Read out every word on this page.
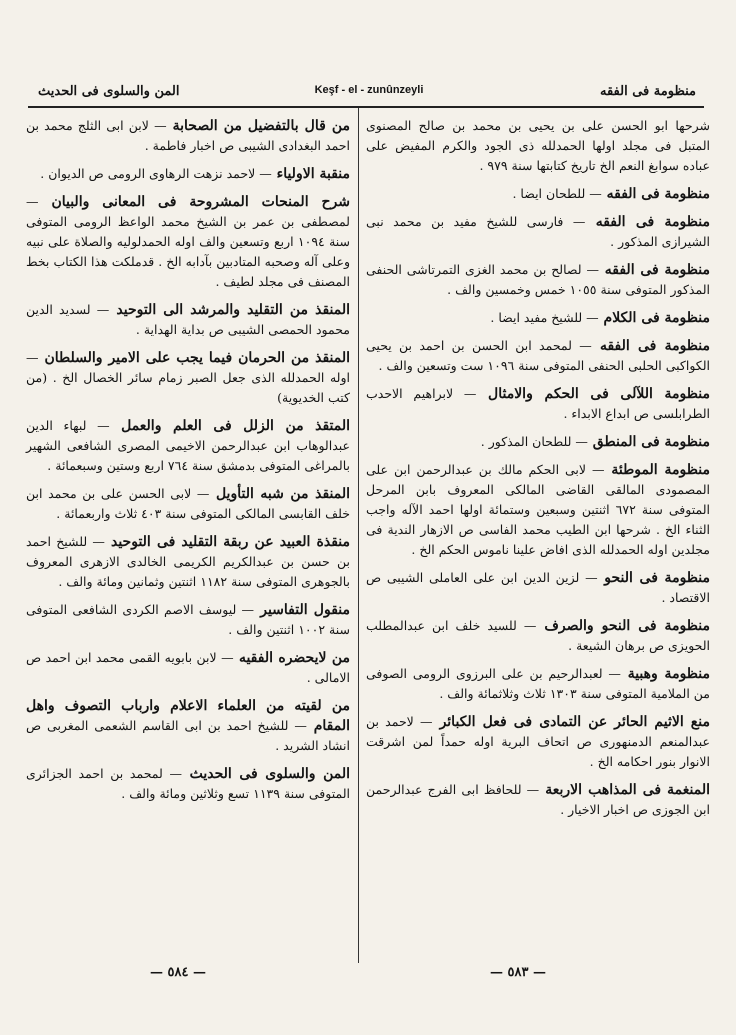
المن والسلوى فى الحديث	Keşf - el - zunûnzeyli	منظومة فى الفقه
شرحها ابو الحسن على بن يحيى بن محمد بن صالح المصنوى المتبل فى مجلد اولها الحمدلله ذى الجود والكرم المفيض على عباده سوابغ النعم الخ تاريخ كتابتها سنة ٩٧٩ .
منظومة فى الفقه— للطحان ايضا .
منظومة فى الفقه— فارسى للشيخ مفيد بن محمد نبى الشيرازى المذكور .
منظومة فى الفقه— لصالح بن محمد الغزى التمرتاشى الحنفى المذكور المتوفى سنة ١٠٥٥ خمس وخمسين والف .
منظومة فى الكلام— للشيخ مفيد ايضا .
منظومة فى الفقه— لمحمد ابن الحسن بن احمد بن يحيى الكواكبى الحلبى الحنفى المتوفى سنة ١٠٩٦ ست وتسعين والف .
منظومة اللآلى فى الحكم والامثال— لابراهيم الاحدب الطرابلسى ص ابداع الابداء .
منظومة فى المنطق— للطحان المذكور .
منظومة الموطئة— لابى الحكم مالك بن عبدالرحمن ابن على المصمودى المالقى القاضى المالكى المعروف بابن المرحل المتوفى سنة ٦٧٢ اثنتين وسبعين وستمائة اولها احمد الآله واجب الثناء الخ . شرحها ابن الطيب محمد الفاسى ص الازهار الندية فى مجلدين اوله الحمدلله الذى افاض علينا ناموس الحكم الخ .
منظومة فى النحو— لزين الدين ابن على العاملى الشيبى ص الاقتصاد .
منظومة فى النحو والصرف— للسيد خلف ابن عبدالمطلب الحويزى ص برهان الشيعة .
منظومة وهبية— لعبدالرحيم بن على البرزوى الرومى الصوفى من الملامية المتوفى سنة ١٣٠٣ ثلاث وثلاثمائة والف .
منع الاثيم الحائر عن التمادى فى فعل الكبائر— لاحمد بن عبدالمنعم الدمنهورى ص اتحاف البرية اوله حمداً لمن اشرقت الانوار بنور احكامه الخ .
المنغمة فى المذاهب الاربعة— للحافظ ابى الفرج عبدالرحمن ابن الجوزى ص اخبار الاخيار .
من قال بالتفضيل من الصحابة— لابن ابى الثلج محمد بن احمد البغدادى الشيبى ص اخبار فاطمة .
منقبة الاولياء— لاحمد نزهت الرهاوى الرومى ص الديوان .
شرح المنحات المشروحة فى المعانى والبيان— لمصطفى بن عمر بن الشيخ محمد الواعظ الرومى المتوفى سنة ١٠٩٤ اربع وتسعين والف اوله الحمدلوليه والصلاة على نبيه وعلى آله وصحبه المتادبين بآدابه الخ . قدملكت هذا الكتاب بخط المصنف فى مجلد لطيف .
المنقذ من التقليد والمرشد الى التوحيد— لسديد الدين محمود الحمصى الشيبى ص بداية الهداية .
المنقذ من الحرمان فيما يجب على الامير والسلطان— اوله الحمدلله الذى جعل الصبر زمام سائر الخصال الخ . (من كتب الخديوية)
المتقذ من الزلل فى العلم والعمل— لبهاء الدين عبدالوهاب ابن عبدالرحمن الاخيمى المصرى الشافعى الشهير بالمراغى المتوفى بدمشق سنة ٧٦٤ اربع وستين وسبعمائة .
المنقذ من شبه التأويل— لابى الحسن على بن محمد ابن خلف القابسى المالكى المتوفى سنة ٤٠٣ ثلاث واربعمائة .
منقذة العبيد عن ربقة التقليد فى التوحيد— للشيخ احمد بن حسن بن عبدالكريم الكريمى الخالدى الازهرى المعروف بالجوهرى المتوفى سنة ١١٨٢ اثنتين وثمانين ومائة والف .
منقول التفاسير— ليوسف الاصم الكردى الشافعى المتوفى سنة ١٠٠٢ اثنتين والف .
من لايحضره الفقيه— لابن بابويه القمى محمد ابن احمد ص الامالى .
من لقيته من العلماء الاعلام وارباب التصوف واهل المقام— للشيخ احمد بن ابى القاسم الشعمى المغربى ص انشاد الشريد .
المن والسلوى فى الحديث— لمحمد بن احمد الجزائرى المتوفى سنة ١١٣٩ تسع وثلاثين ومائة والف .
— ٥٨٤ —	— ٥٨٣ —
